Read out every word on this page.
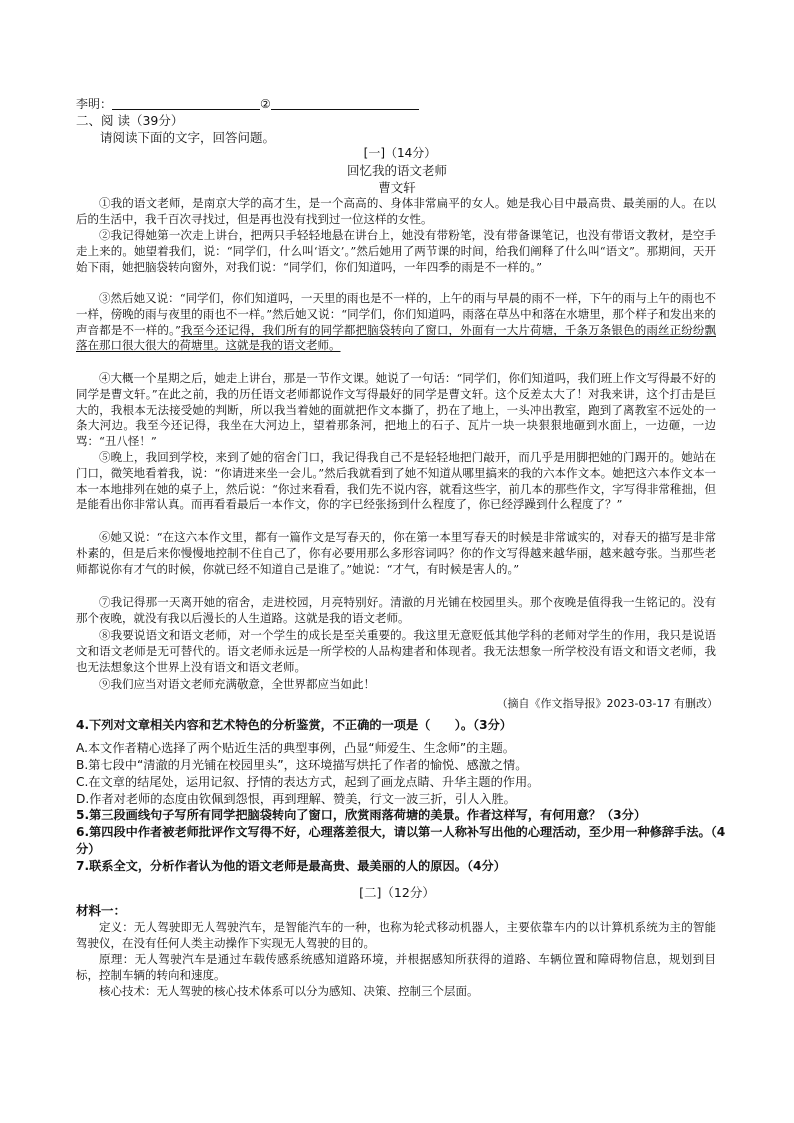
李明：	②
二、阅 读（39分）
请阅读下面的文字，回答问题。
[一]（14分）
回忆我的语文老师
曹文轩
①我的语文老师，是南京大学的高才生，是一个高高的、身体非常扁平的女人。她是我心目中最高贵、最美丽的人。在以后的生活中，我千百次寻找过，但是再也没有找到过一位这样的女性。
②我记得她第一次走上讲台，把两只手轻轻地悬在讲台上，她没有带粉笔，没有带备课笔记，也没有带语文教材，是空手走上来的。她望着我们，说：“同学们，什么叫‘语文’。”然后她用了两节课的时间，给我们阐释了什么叫“语文”。那期间，天开始下雨，她把脑袋转向窗外，对我们说：“同学们，你们知道吗，一年四季的雨是不一样的。”
③然后她又说：“同学们，你们知道吗，一天里的雨也是不一样的，上午的雨与早晨的雨不一样，下午的雨与上午的雨也不一样，傍晚的雨与夜里的雨也不一样。”然后她又说：“同学们，你们知道吗，雨落在草丛中和落在水塘里，那个样子和发出来的声音都是不一样的。”我至今还记得，我们所有的同学都把脑袋转向了窗口，外面有一大片荷塘，千条万条银色的雨丝正纷纷飘落在那口很大很大的荷塘里。这就是我的语文老师。
④大概一个星期之后，她走上讲台，那是一节作文课。她说了一句话：“同学们，你们知道吗，我们班上作文写得最不好的同学是曹文轩。”在此之前，我的历任语文老师都说作文写得最好的同学是曹文轩。这个反差太大了！对我来讲，这个打击是巨大的，我根本无法接受她的判断，所以我当着她的面就把作文本撕了，扔在了地上，一头冲出教室，跑到了离教室不远处的一条大河边。我至今还记得，我坐在大河边上，望着那条河，把地上的石子、瓦片一块一块狠狠地砸到水面上，一边砸，一边骂：“丑八怪！”
⑤晚上，我回到学校，来到了她的宿舍门口，我记得我自己不是轻轻地把门敲开，而几乎是用脚把她的门踢开的。她站在门口，微笑地看着我，说：“你请进来坐一会儿。”然后我就看到了她不知道从哪里搞来的我的六本作文本。她把这六本作文本一本一本地排列在她的桌子上，然后说：“你过来看看，我们先不说内容，就看这些字，前几本的那些作文，字写得非常稚拙，但是能看出你非常认真。而再看看最后一本作文，你的字已经张扬到什么程度了，你已经浮躁到什么程度了？”
⑥她又说：“在这六本作文里，都有一篇作文是写春天的，你在第一本里写春天的时候是非常诚实的，对春天的描写是非常朴素的，但是后来你慢慢地控制不住自己了，你有必要用那么多形容词吗？你的作文写得越来越华丽，越来越夸张。当那些老师都说你有才气的时候，你就已经不知道自己是谁了。”她说：“才气，有时候是害人的。”
⑦我记得那一天离开她的宿舍，走进校园，月亮特别好。清澈的月光铺在校园里头。那个夜晚是值得我一生铭记的。没有那个夜晚，就没有我以后漫长的人生道路。这就是我的语文老师。
⑧我要说语文和语文老师，对一个学生的成长是至关重要的。我这里无意贬低其他学科的老师对学生的作用，我只是说语文和语文老师是无可替代的。语文老师永远是一所学校的人品构建者和体现者。我无法想象一所学校没有语文和语文老师，我也无法想象这个世界上没有语文和语文老师。
⑨我们应当对语文老师充满敬意，全世界都应当如此！
（摘自《作文指导报》2023-03-17 有删改）
4.下列对文章相关内容和艺术特色的分析鉴赏，不正确的一项是（　　）。（3分）
A.本文作者精心选择了两个贴近生活的典型事例，凸显“师爱生、生念师”的主题。
B.第七段中“清澈的月光铺在校园里头”，这环境描写烘托了作者的愉悦、感激之情。
C.在文章的结尾处，运用记叙、抒情的表达方式，起到了画龙点睛、升华主题的作用。
D.作者对老师的态度由钦佩到怨恨，再到理解、赞美，行文一波三折，引人入胜。
5.第三段画线句子写所有同学把脑袋转向了窗口，欣赏雨落荷塘的美景。作者这样写，有何用意？（3分）
6.第四段中作者被老师批评作文写得不好，心理落差很大，请以第一人称补写出他的心理活动，至少用一种修辞手法。（4分）
7.联系全文，分析作者认为他的语文老师是最高贵、最美丽的人的原因。（4分）
[二]（12分）
材料一：
定义：无人驾驶即无人驾驶汽车，是智能汽车的一种，也称为轮式移动机器人，主要依靠车内的以计算机系统为主的智能驾驶仪，在没有任何人类主动操作下实现无人驾驶的目的。
原理：无人驾驶汽车是通过车载传感系统感知道路环境，并根据感知所获得的道路、车辆位置和障碍物信息，规划到目标，控制车辆的转向和速度。
核心技术：无人驾驶的核心技术体系可以分为感知、决策、控制三个层面。
